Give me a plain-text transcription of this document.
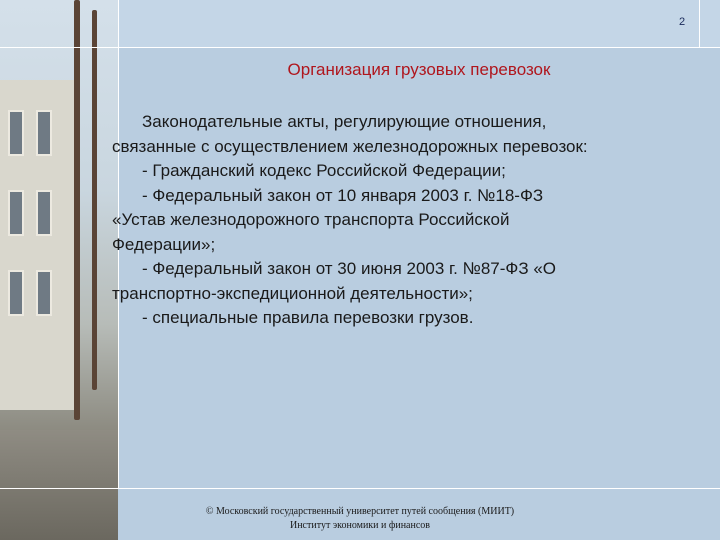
2
Организация грузовых перевозок

Законодательные акты, регулирующие отношения,

связанные с осуществлением железнодорожных перевозок:

- Гражданский кодекс Российской Федерации;

- Федеральный закон от 10 января 2003 г. №18-ФЗ

«Устав железнодорожного транспорта Российской

Федерации»;

- Федеральный закон от 30 июня 2003 г. №87-ФЗ «О

транспортно-экспедиционной деятельности»;

- специальные правила перевозки грузов.

© Московский государственный университет путей сообщения (МИИТ)
Институт экономики и финансов
